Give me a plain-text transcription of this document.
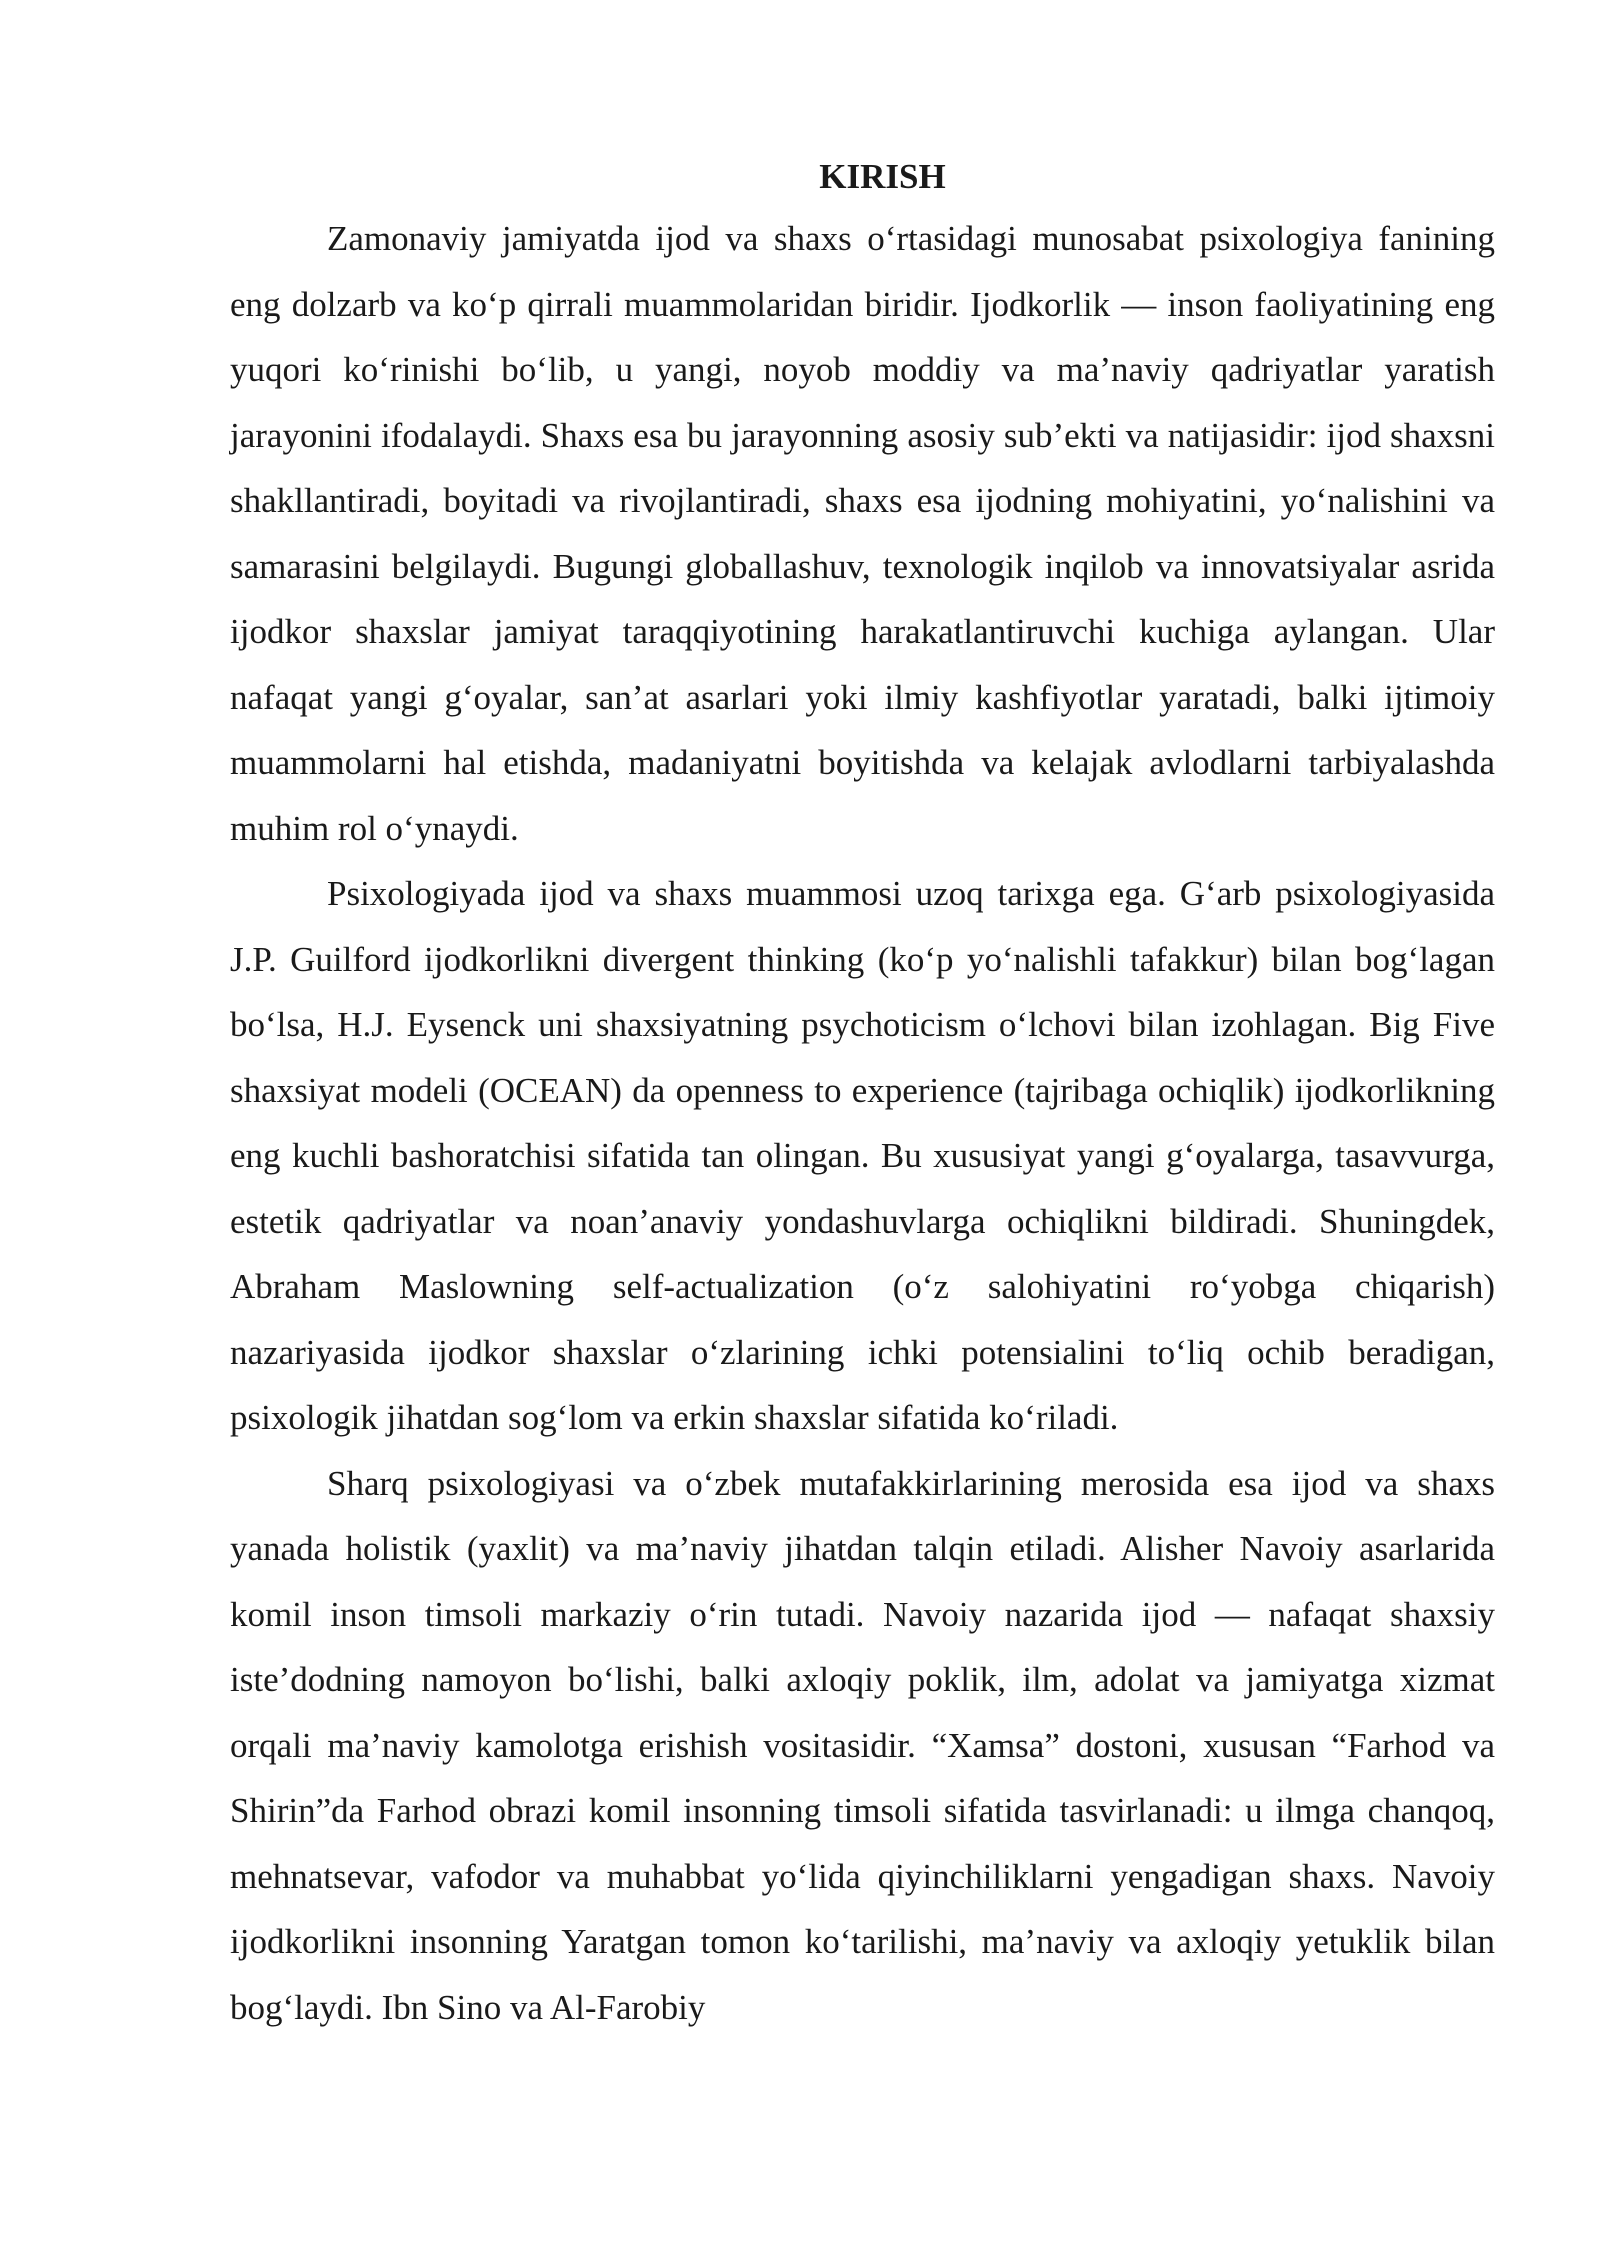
KIRISH

Zamonaviy jamiyatda ijod va shaxs o‘rtasidagi munosabat psixologiya fanining eng dolzarb va ko‘p qirrali muammolaridan biridir. Ijodkorlik — inson faoliyatining eng yuqori ko‘rinishi bo‘lib, u yangi, noyob moddiy va ma’naviy qadriyatlar yaratish jarayonini ifodalaydi. Shaxs esa bu jarayonning asosiy sub’ekti va natijasidir: ijod shaxsni shakllantiradi, boyitadi va rivojlantiradi, shaxs esa ijodning mohiyatini, yo‘nalishini va samarasini belgilaydi. Bugungi globallashuv, texnologik inqilob va innovatsiyalar asrida ijodkor shaxslar jamiyat taraqqiyotining harakatlantiruvchi kuchiga aylangan. Ular nafaqat yangi g‘oyalar, san’at asarlari yoki ilmiy kashfiyotlar yaratadi, balki ijtimoiy muammolarni hal etishda, madaniyatni boyitishda va kelajak avlodlarni tarbiyalashda muhim rol o‘ynaydi.

Psixologiyada ijod va shaxs muammosi uzoq tarixga ega. G‘arb psixologiyasida J.P. Guilford ijodkorlikni divergent thinking (ko‘p yo‘nalishli tafakkur) bilan bog‘lagan bo‘lsa, H.J. Eysenck uni shaxsiyatning psychoticism o‘lchovi bilan izohlagan. Big Five shaxsiyat modeli (OCEAN) da openness to experience (tajribaga ochiqlik) ijodkorlikning eng kuchli bashoratchisi sifatida tan olingan. Bu xususiyat yangi g‘oyalarga, tasavvurga, estetik qadriyatlar va noan’anaviy yondashuvlarga ochiqlikni bildiradi. Shuningdek, Abraham Maslowning self-actualization (o‘z salohiyatini ro‘yobga chiqarish) nazariyasida ijodkor shaxslar o‘zlarining ichki potensialini to‘liq ochib beradigan, psixologik jihatdan sog‘lom va erkin shaxslar sifatida ko‘riladi.

Sharq psixologiyasi va o‘zbek mutafakkirlarining merosida esa ijod va shaxs yanada holistik (yaxlit) va ma’naviy jihatdan talqin etiladi. Alisher Navoiy asarlarida komil inson timsoli markaziy o‘rin tutadi. Navoiy nazarida ijod — nafaqat shaxsiy iste’dodning namoyon bo‘lishi, balki axloqiy poklik, ilm, adolat va jamiyatga xizmat orqali ma’naviy kamolotga erishish vositasidir. “Xamsa” dostoni, xususan “Farhod va Shirin”da Farhod obrazi komil insonning timsoli sifatida tasvirlanadi: u ilmga chanqoq, mehnatsevar, vafodor va muhabbat yo‘lida qiyinchiliklarni yengadigan shaxs. Navoiy ijodkorlikni insonning Yaratgan tomon ko‘tarilishi, ma’naviy va axloqiy yetuklik bilan bog‘laydi. Ibn Sino va Al-Farobiy
